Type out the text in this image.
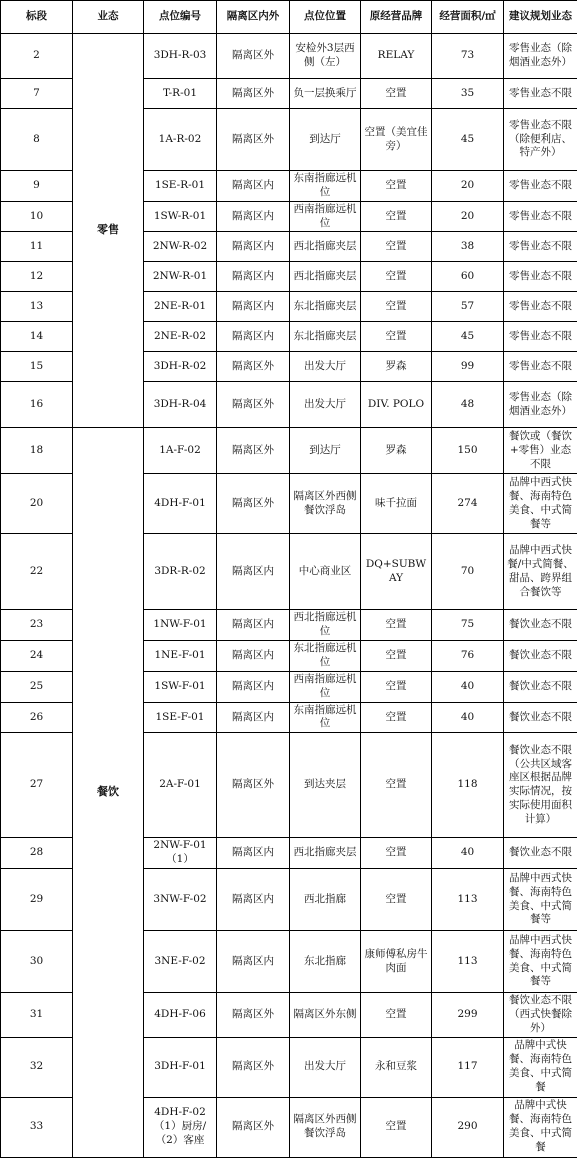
标段	业态	点位编号	隔离区内外	点位位置	原经营品牌	经营面积/㎡	建议规划业态
2	零售	3DH-R-03	隔离区外	安检外3层西侧（左）	RELAY	73	零售业态（除烟酒业态外）
7		T-R-01	隔离区外	负一层换乘厅	空置	35	零售业态不限
8		1A-R-02	隔离区外	到达厅	空置（美宜佳旁）	45	零售业态不限（除便利店、特产外）
9		1SE-R-01	隔离区内	东南指廊远机位	空置	20	零售业态不限
10		1SW-R-01	隔离区内	西南指廊远机位	空置	20	零售业态不限
11		2NW-R-02	隔离区内	西北指廊夹层	空置	38	零售业态不限
12		2NW-R-01	隔离区内	西北指廊夹层	空置	60	零售业态不限
13		2NE-R-01	隔离区内	东北指廊夹层	空置	57	零售业态不限
14		2NE-R-02	隔离区内	东北指廊夹层	空置	45	零售业态不限
15		3DH-R-02	隔离区外	出发大厅	罗森	99	零售业态不限
16		3DH-R-04	隔离区外	出发大厅	DIV. POLO	48	零售业态（除烟酒业态外）
18	餐饮	1A-F-02	隔离区外	到达厅	罗森	150	餐饮或（餐饮+零售）业态不限
20		4DH-F-01	隔离区外	隔离区外西侧餐饮浮岛	味千拉面	274	品牌中西式快餐、海南特色美食、中式简餐等
22		3DR-R-02	隔离区内	中心商业区	DQ+SUBWAY	70	品牌中西式快餐/中式简餐、甜品、跨界组合餐饮等
23		1NW-F-01	隔离区内	西北指廊远机位	空置	75	餐饮业态不限
24		1NE-F-01	隔离区内	东北指廊远机位	空置	76	餐饮业态不限
25		1SW-F-01	隔离区内	西南指廊远机位	空置	40	餐饮业态不限
26		1SE-F-01	隔离区内	东南指廊远机位	空置	40	餐饮业态不限
27		2A-F-01	隔离区外	到达夹层	空置	118	餐饮业态不限（公共区域客座区根据品牌实际情况，按实际使用面积计算）
28		2NW-F-01（1）	隔离区内	西北指廊夹层	空置	40	餐饮业态不限
29		3NW-F-02	隔离区内	西北指廊	空置	113	品牌中西式快餐、海南特色美食、中式简餐等
30		3NE-F-02	隔离区内	东北指廊	康师傅私房牛肉面	113	品牌中西式快餐、海南特色美食、中式简餐等
31		4DH-F-06	隔离区外	隔离区外东侧	空置	299	餐饮业态不限（西式快餐除外）
32		3DH-F-01	隔离区外	出发大厅	永和豆浆	117	品牌中式快餐、海南特色美食、中式简餐
33		4DH-F-02（1）厨房/（2）客座	隔离区外	隔离区外西侧餐饮浮岛	空置	290	品牌中式快餐、海南特色美食、中式简餐
